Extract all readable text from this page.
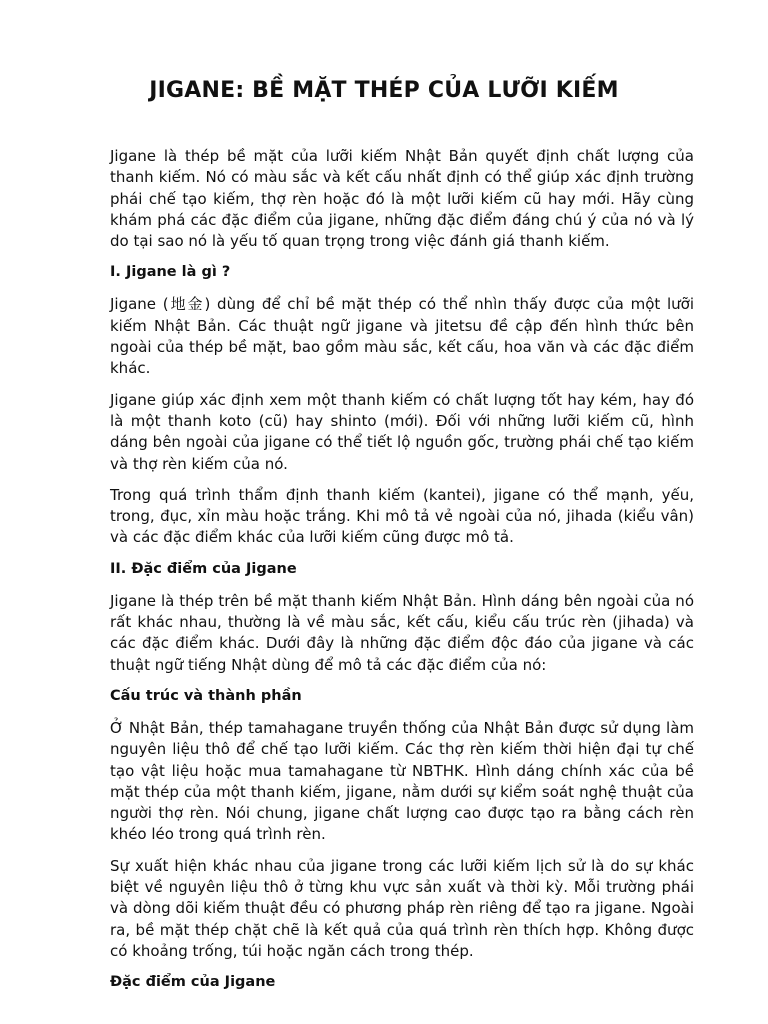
JIGANE: BỀ MẶT THÉP CỦA LƯỠI KIẾM

Jigane là thép bề mặt của lưỡi kiếm Nhật Bản quyết định chất lượng của thanh kiếm. Nó có màu sắc và kết cấu nhất định có thể giúp xác định trường phái chế tạo kiếm, thợ rèn hoặc đó là một lưỡi kiếm cũ hay mới. Hãy cùng khám phá các đặc điểm của jigane, những đặc điểm đáng chú ý của nó và lý do tại sao nó là yếu tố quan trọng trong việc đánh giá thanh kiếm.

I. Jigane là gì ?

Jigane (地金) dùng để chỉ bề mặt thép có thể nhìn thấy được của một lưỡi kiếm Nhật Bản. Các thuật ngữ jigane và jitetsu đề cập đến hình thức bên ngoài của thép bề mặt, bao gồm màu sắc, kết cấu, hoa văn và các đặc điểm khác.

Jigane giúp xác định xem một thanh kiếm có chất lượng tốt hay kém, hay đó là một thanh koto (cũ) hay shinto (mới). Đối với những lưỡi kiếm cũ, hình dáng bên ngoài của jigane có thể tiết lộ nguồn gốc, trường phái chế tạo kiếm và thợ rèn kiếm của nó.

Trong quá trình thẩm định thanh kiếm (kantei), jigane có thể mạnh, yếu, trong, đục, xỉn màu hoặc trắng. Khi mô tả vẻ ngoài của nó, jihada (kiểu vân) và các đặc điểm khác của lưỡi kiếm cũng được mô tả.

II. Đặc điểm của Jigane

Jigane là thép trên bề mặt thanh kiếm Nhật Bản. Hình dáng bên ngoài của nó rất khác nhau, thường là về màu sắc, kết cấu, kiểu cấu trúc rèn (jihada) và các đặc điểm khác. Dưới đây là những đặc điểm độc đáo của jigane và các thuật ngữ tiếng Nhật dùng để mô tả các đặc điểm của nó:

Cấu trúc và thành phần

Ở Nhật Bản, thép tamahagane truyền thống của Nhật Bản được sử dụng làm nguyên liệu thô để chế tạo lưỡi kiếm. Các thợ rèn kiếm thời hiện đại tự chế tạo vật liệu hoặc mua tamahagane từ NBTHK. Hình dáng chính xác của bề mặt thép của một thanh kiếm, jigane, nằm dưới sự kiểm soát nghệ thuật của người thợ rèn. Nói chung, jigane chất lượng cao được tạo ra bằng cách rèn khéo léo trong quá trình rèn.

Sự xuất hiện khác nhau của jigane trong các lưỡi kiếm lịch sử là do sự khác biệt về nguyên liệu thô ở từng khu vực sản xuất và thời kỳ. Mỗi trường phái và dòng dõi kiếm thuật đều có phương pháp rèn riêng để tạo ra jigane. Ngoài ra, bề mặt thép chặt chẽ là kết quả của quá trình rèn thích hợp. Không được có khoảng trống, túi hoặc ngăn cách trong thép.

Đặc điểm của Jigane
